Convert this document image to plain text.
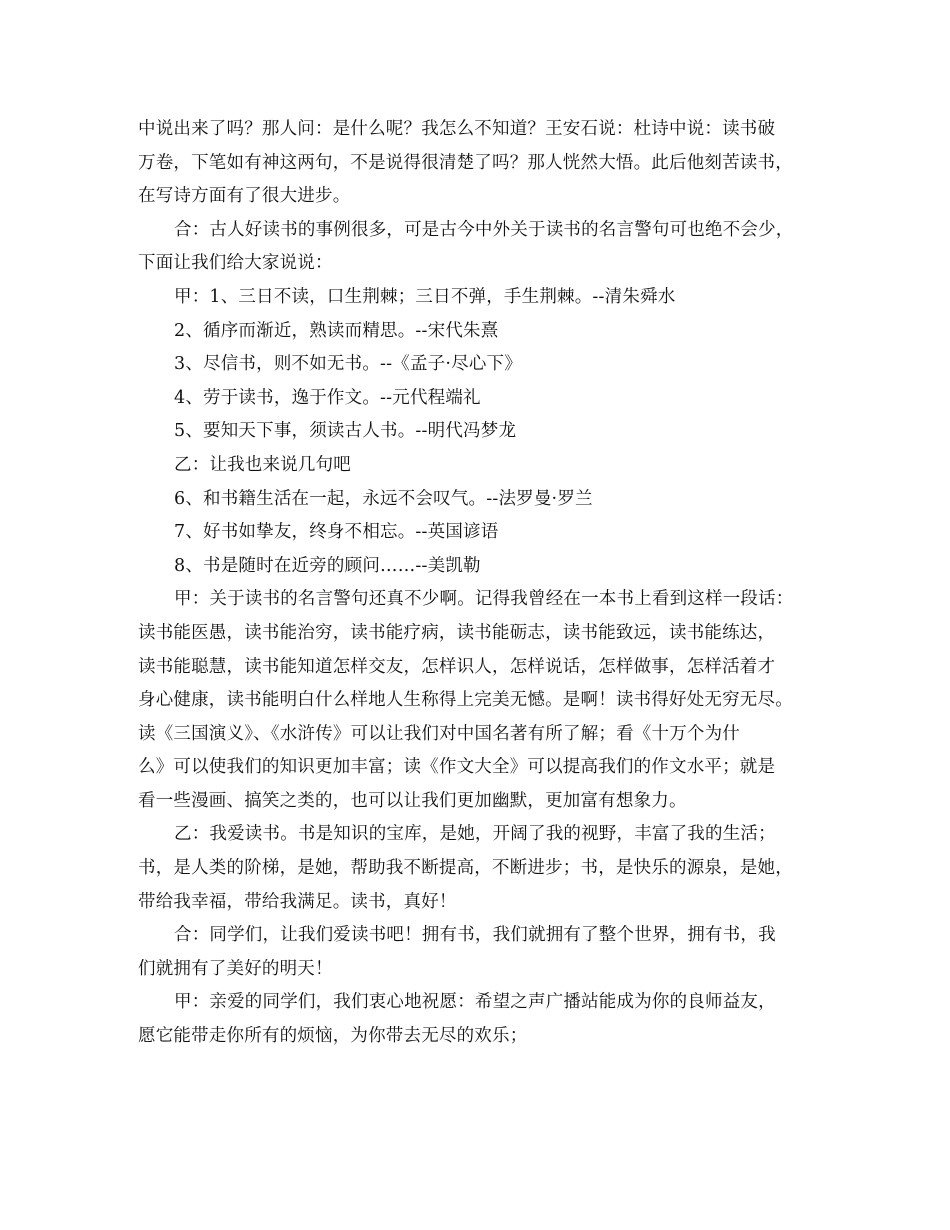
中说出来了吗？那人问：是什么呢？我怎么不知道？王安石说：杜诗中说：读书破
万卷，下笔如有神这两句，不是说得很清楚了吗？那人恍然大悟。此后他刻苦读书，
在写诗方面有了很大进步。
合：古人好读书的事例很多，可是古今中外关于读书的名言警句可也绝不会少，
下面让我们给大家说说：
甲：1、三日不读，口生荆棘；三日不弹，手生荆棘。--清朱舜水
2、循序而渐近，熟读而精思。--宋代朱熹
3、尽信书，则不如无书。--《孟子·尽心下》
4、劳于读书，逸于作文。--元代程端礼
5、要知天下事，须读古人书。--明代冯梦龙
乙：让我也来说几句吧
6、和书籍生活在一起，永远不会叹气。--法罗曼·罗兰
7、好书如挚友，终身不相忘。--英国谚语
8、书是随时在近旁的顾问……--美凯勒
甲：关于读书的名言警句还真不少啊。记得我曾经在一本书上看到这样一段话：
读书能医愚，读书能治穷，读书能疗病，读书能砺志，读书能致远，读书能练达，
读书能聪慧，读书能知道怎样交友，怎样识人，怎样说话，怎样做事，怎样活着才
身心健康，读书能明白什么样地人生称得上完美无憾。是啊！读书得好处无穷无尽。
读《三国演义》、《水浒传》可以让我们对中国名著有所了解；看《十万个为什
么》可以使我们的知识更加丰富；读《作文大全》可以提高我们的作文水平；就是
看一些漫画、搞笑之类的，也可以让我们更加幽默，更加富有想象力。
乙：我爱读书。书是知识的宝库，是她，开阔了我的视野，丰富了我的生活；
书，是人类的阶梯，是她，帮助我不断提高，不断进步；书，是快乐的源泉，是她，
带给我幸福，带给我满足。读书，真好！
合：同学们，让我们爱读书吧！拥有书，我们就拥有了整个世界，拥有书，我
们就拥有了美好的明天！
甲：亲爱的同学们，我们衷心地祝愿：希望之声广播站能成为你的良师益友，
愿它能带走你所有的烦恼，为你带去无尽的欢乐；
